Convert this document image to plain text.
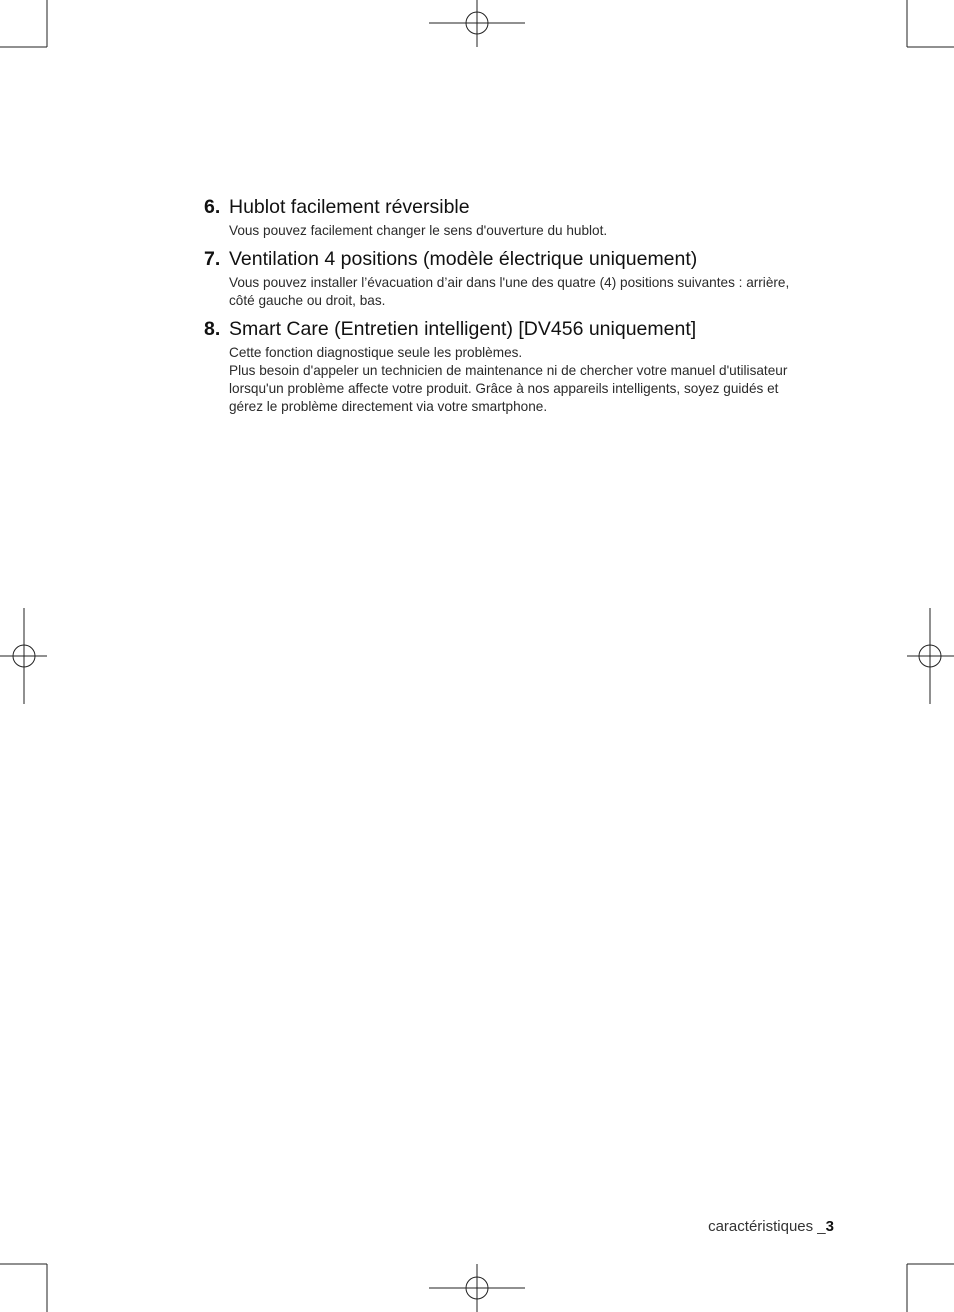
6. Hublot facilement réversible

Vous pouvez facilement changer le sens d'ouverture du hublot.

7. Ventilation 4 positions (modèle électrique uniquement)

Vous pouvez installer l’évacuation d’air dans l'une des quatre (4) positions suivantes : arrière,
côté gauche ou droit, bas.

8. Smart Care (Entretien intelligent) [DV456 uniquement]

Cette fonction diagnostique seule les problèmes.
Plus besoin d'appeler un technicien de maintenance ni de chercher votre manuel d'utilisateur
lorsqu'un problème affecte votre produit. Grâce à nos appareils intelligents, soyez guidés et
gérez le problème directement via votre smartphone.

caractéristiques _3
